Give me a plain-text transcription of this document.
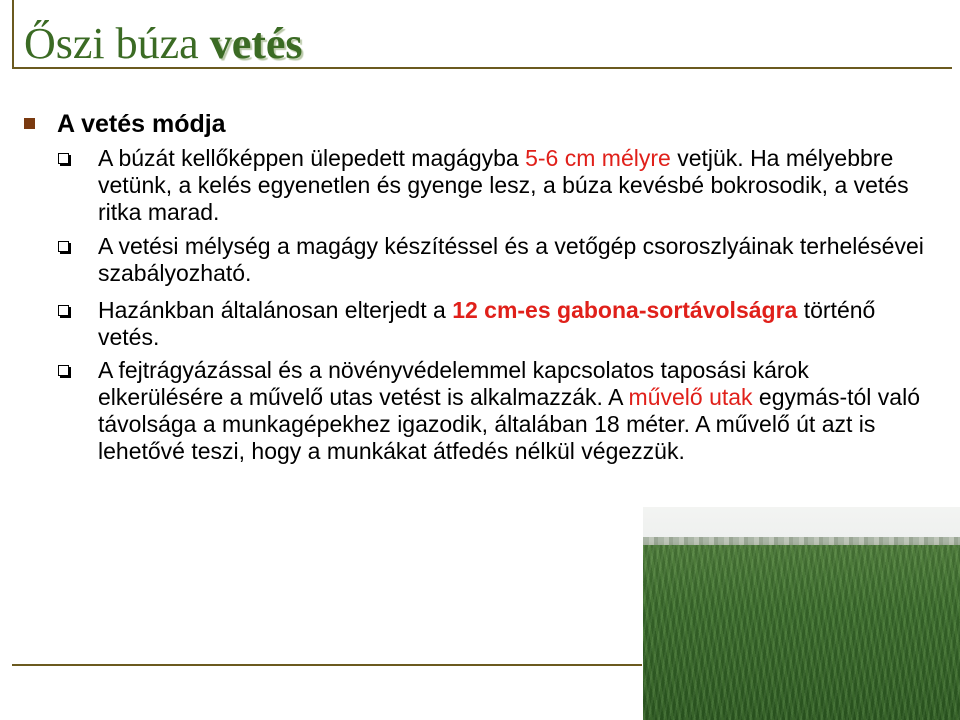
Őszi búza vetés
A vetés módja
A búzát kellőképpen ülepedett magágyba 5-6 cm mélyre vetjük. Ha mélyebbre vetünk, a kelés egyenetlen és gyenge lesz, a búza kevésbé bokrosodik, a vetés ritka marad.
A vetési mélység a magágy készítéssel és a vetőgép csoroszlyáinak terhelésévei szabályozható.
Hazánkban általánosan elterjedt a 12 cm-es gabona-sortávolságra történő vetés.
A fejtrágyázással és a növényvédelemmel kapcsolatos taposási károk elkerülésére a művelő utas vetést is alkalmazzák. A művelő utak egymás-tól való távolsága a munkagépekhez igazodik, általában 18 méter. A művelő út azt is lehetővé teszi, hogy a munkákat átfedés nélkül végezzük.
